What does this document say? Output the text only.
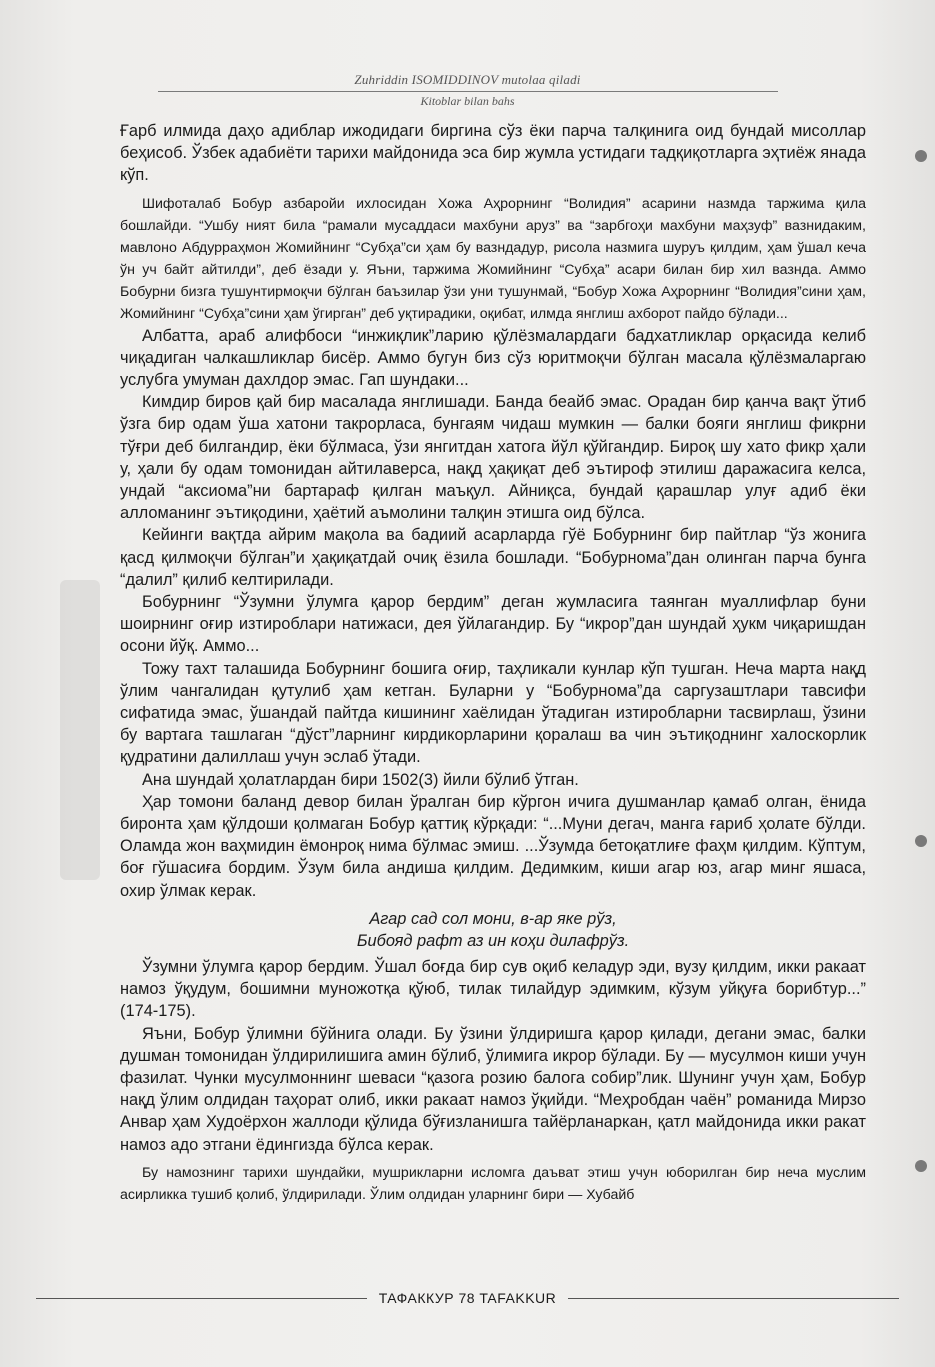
Zuhriddin ISOMIDDINOV mutolaa qiladi
Kitoblar bilan bahs

Ғарб илмида даҳо адиблар ижодидаги биргина сўз ёки парча талқинига оид бундай мисоллар беҳисоб. Ўзбек адабиёти тарихи майдонида эса бир жумла устидаги тадқиқотларга эҳтиёж янада кўп.

Шифоталаб Бобур азбаройи ихлосидан Хожа Аҳрорнинг “Волидия” асарини назмда таржима қила бошлайди. “Ушбу ният била “рамали мусаддаси махбуни аруз” ва “зарбгоҳи махбуни маҳзуф” вазнидаким, мавлоно Абдурраҳмон Жомийнинг “Субҳа”си ҳам бу вазндадур, рисола назмига шуруъ қилдим, ҳам ўшал кеча ўн уч байт айтилди”, деб ёзади у. Яъни, таржима Жомийнинг “Субҳа” асари билан бир хил вазнда. Аммо Бобурни бизга тушунтирмоқчи бўлган баъзилар ўзи уни тушунмай, “Бобур Хожа Аҳрорнинг “Волидия”сини ҳам, Жомийнинг “Субҳа”сини ҳам ўгирган” деб уқтирадики, оқибат, илмда янглиш ахборот пайдо бўлади...

Албатта, араб алифбоси “инжиқлик”ларию қўлёзмалардаги бадхатликлар орқасида келиб чиқадиган чалкашликлар бисёр. Аммо бугун биз сўз юритмоқчи бўлган масала қўлёзмаларгаю услубга умуман дахлдор эмас. Гап шундаки...

Кимдир биров қай бир масалада янглишади. Банда беайб эмас. Орадан бир қанча вақт ўтиб ўзга бир одам ўша хатони такрорласа, бунгаям чидаш мумкин — балки бояги янглиш фикрни тўғри деб билгандир, ёки бўлмаса, ўзи янгитдан хатога йўл қўйгандир. Бироқ шу хато фикр ҳали у, ҳали бу одам томонидан айтилаверса, нақд ҳақиқат деб эътироф этилиш даражасига келса, ундай “аксиома”ни бартараф қилган маъқул. Айниқса, бундай қарашлар улуғ адиб ёки алломанинг эътиқодини, ҳаётий аъмолини талқин этишга оид бўлса.

Кейинги вақтда айрим мақола ва бадиий асарларда гўё Бобурнинг бир пайтлар “ўз жонига қасд қилмоқчи бўлган”и ҳақиқатдай очиқ ёзила бошлади. “Бобурнома”дан олинган парча бунга “далил” қилиб келтирилади.

Бобурнинг “Ўзумни ўлумга қарор бердим” деган жумласига таянган муаллифлар буни шоирнинг оғир изтироблари натижаси, дея ўйлагандир. Бу “икрор”дан шундай ҳукм чиқаришдан осони йўқ. Аммо...

Тожу тахт талашида Бобурнинг бошига оғир, таҳликали кунлар кўп тушган. Неча марта нақд ўлим чангалидан қутулиб ҳам кетган. Буларни у “Бобурнома”да саргузаштлари тавсифи сифатида эмас, ўшандай пайтда кишининг хаёлидан ўтадиган изтиробларни тасвирлаш, ўзини бу вартага ташлаган “дўст”ларнинг кирдикорларини қоралаш ва чин эътиқоднинг халоскорлик қудратини далиллаш учун эслаб ўтади.

Ана шундай ҳолатлардан бири 1502(3) йили бўлиб ўтган.

Ҳар томони баланд девор билан ўралган бир кўргон ичига душманлар қамаб олган, ёнида биронта ҳам қўлдоши қолмаган Бобур қаттиқ кўрқади: “...Муни дегач, манга ғариб ҳолате бўлди. Оламда жон ваҳмидин ёмонроқ нима бўлмас эмиш. ...Ўзумда бетоқатлиғе фаҳм қилдим. Кўптум, боғ гўшасиға бордим. Ўзум била андиша қилдим. Дедимким, киши агар юз, агар минг яшаса, охир ўлмак керак.

Агар сад сол мони, в-ар яке рўз,
Бибояд рафт аз ин коҳи дилафрўз.

Ўзумни ўлумга қарор бердим. Ўшал боғда бир сув оқиб келадур эди, вузу қилдим, икки ракаат намоз ўқудум, бошимни муножотқа қўюб, тилак тилайдур эдимким, кўзум уйқуға борибтур...” (174-175).

Яъни, Бобур ўлимни бўйнига олади. Бу ўзини ўлдиришга қарор қилади, дегани эмас, балки душман томонидан ўлдирилишига амин бўлиб, ўлимига икрор бўлади. Бу — мусулмон киши учун фазилат. Чунки мусулмоннинг шеваси “қазога розию балога собир”лик. Шунинг учун ҳам, Бобур нақд ўлим олдидан таҳорат олиб, икки ракаат намоз ўқийди. “Меҳробдан чаён” романида Мирзо Анвар ҳам Худоёрхон жаллоди қўлида бўғизланишга тайёрланаркан, қатл майдонида икки ракат намоз адо этгани ёдингизда бўлса керак.

Бу намознинг тарихи шундайки, мушрикларни исломга даъват этиш учун юборилган бир неча муслим асирликка тушиб қолиб, ўлдирилади. Ўлим олдидан уларнинг бири — Хубайб

ТАФАККУР 78 TAFAKKUR
